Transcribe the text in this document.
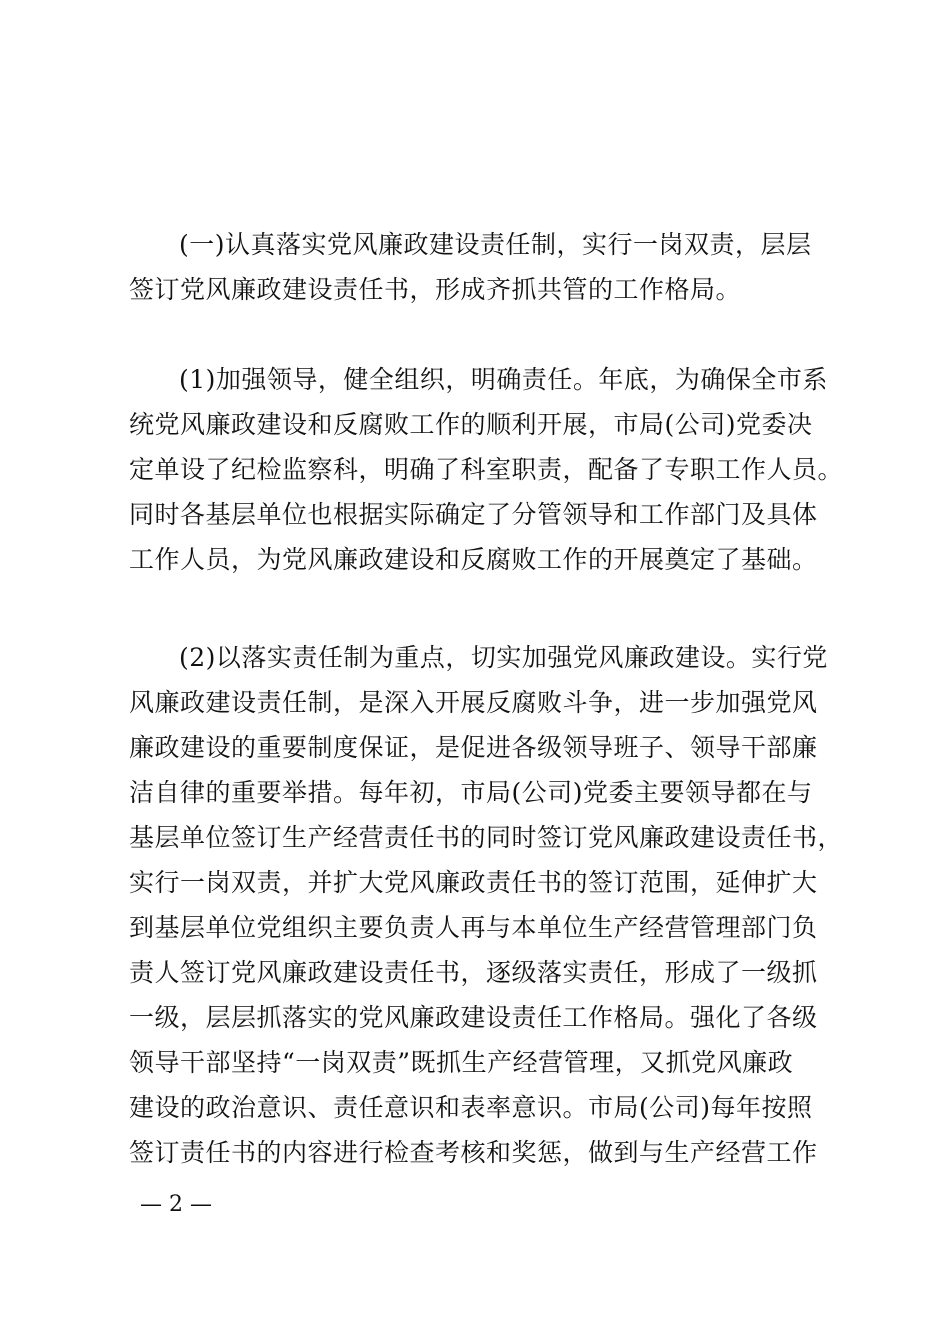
(一)认真落实党风廉政建设责任制，实行一岗双责，层层
签订党风廉政建设责任书，形成齐抓共管的工作格局。
(1)加强领导，健全组织，明确责任。年底，为确保全市系
统党风廉政建设和反腐败工作的顺利开展，市局(公司)党委决
定单设了纪检监察科，明确了科室职责，配备了专职工作人员。
同时各基层单位也根据实际确定了分管领导和工作部门及具体
工作人员，为党风廉政建设和反腐败工作的开展奠定了基础。
(2)以落实责任制为重点，切实加强党风廉政建设。实行党
风廉政建设责任制，是深入开展反腐败斗争，进一步加强党风
廉政建设的重要制度保证，是促进各级领导班子、领导干部廉
洁自律的重要举措。每年初，市局(公司)党委主要领导都在与
基层单位签订生产经营责任书的同时签订党风廉政建设责任书，
实行一岗双责，并扩大党风廉政责任书的签订范围，延伸扩大
到基层单位党组织主要负责人再与本单位生产经营管理部门负
责人签订党风廉政建设责任书，逐级落实责任，形成了一级抓
一级，层层抓落实的党风廉政建设责任工作格局。强化了各级
领导干部坚持“一岗双责”既抓生产经营管理，又抓党风廉政
建设的政治意识、责任意识和表率意识。市局(公司)每年按照
签订责任书的内容进行检查考核和奖惩，做到与生产经营工作
— 2 —
